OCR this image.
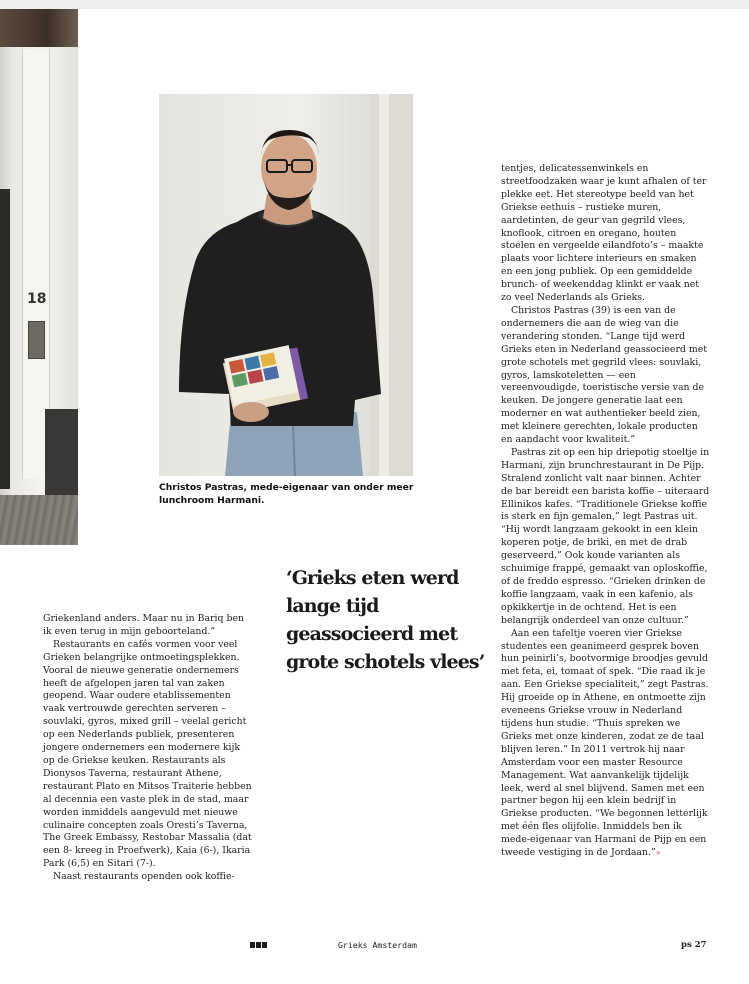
18
Christos Pastras, mede-eigenaar van onder meer lunchroom Harmani.
‘Grieks eten werd lange tijd geassocieerd met grote schotels vlees’

Griekenland anders. Maar nu in Bariq ben ik even terug in mijn geboorteland.”

Restaurants en cafés vormen voor veel Grieken belangrijke ontmoetingsplekken. Vooral de nieuwe generatie ondernemers heeft de afgelopen jaren tal van zaken geopend. Waar oudere etablissementen vaak vertrouwde gerechten serveren – souvlaki, gyros, mixed grill – veelal gericht op een Nederlands publiek, presenteren jongere ondernemers een modernere kijk op de Griekse keuken. Restaurants als Dionysos Taverna, restaurant Athene, restaurant Plato en Mitsos Traiterie hebben al decennia een vaste plek in de stad, maar worden inmiddels aangevuld met nieuwe culinaire concepten zoals Oresti’s Taverna, The Greek Embassy, Restobar Massalia (dat een 8- kreeg in Proefwerk), Kaia (6-), Ikaria Park (6,5) en Sitari (7-).

Naast restaurants openden ook koffie-

tentjes, delicatessenwinkels en streetfoodzaken waar je kunt afhalen of ter plekke eet. Het stereotype beeld van het Griekse eethuis – rustieke muren, aardetinten, de geur van gegrild vlees, knoflook, citroen en oregano, houten stoelen en vergeelde eilandfoto’s – maakte plaats voor lichtere interieurs en smaken en een jong publiek. Op een gemiddelde brunch- of weekenddag klinkt er vaak net zo veel Nederlands als Grieks.

Christos Pastras (39) is een van de ondernemers die aan de wieg van die verandering stonden. “Lange tijd werd Grieks eten in Nederland geassocieerd met grote schotels met gegrild vlees: souvlaki, gyros, lamskoteletten — een vereenvoudigde, toeristische versie van de keuken. De jongere generatie laat een moderner en wat authentieker beeld zien, met kleinere gerechten, lokale producten en aandacht voor kwaliteit.”

Pastras zit op een hip driepotig stoeltje in Harmani, zijn brunchrestaurant in De Pijp. Stralend zonlicht valt naar binnen. Achter de bar bereidt een barista koffie – uiteraard Ellinikos kafes. “Traditionele Griekse koffie is sterk en fijn gemalen,” legt Pastras uit. “Hij wordt langzaam gekookt in een klein koperen potje, de briki, en met de drab geserveerd.” Ook koude varianten als schuimige frappé, gemaakt van oploskoffie, of de freddo espresso. “Grieken drinken de koffie langzaam, vaak in een kafenio, als opkikkertje in de ochtend. Het is een belangrijk onderdeel van onze cultuur.”

Aan een tafeltje voeren vier Griekse studentes een geanimeerd gesprek boven hun peinirli’s, bootvormige broodjes gevuld met feta, ei, tomaat of spek. “Die raad ik je aan. Een Griekse specialiteit,” zegt Pastras. Hij groeide op in Athene, en ontmoette zijn eveneens Griekse vrouw in Nederland tijdens hun studie. “Thuis spreken we Grieks met onze kinderen, zodat ze de taal blijven leren.” In 2011 vertrok hij naar Amsterdam voor een master Resource Management. Wat aanvankelijk tijdelijk leek, werd al snel blijvend. Samen met een partner begon hij een klein bedrijf in Griekse producten. “We begonnen letterlijk met één fles olijfolie. Inmiddels ben ik mede-eigenaar van Harmani de Pijp en een tweede vestiging in de Jordaan.”»

Grieks Amsterdam	ps 27
